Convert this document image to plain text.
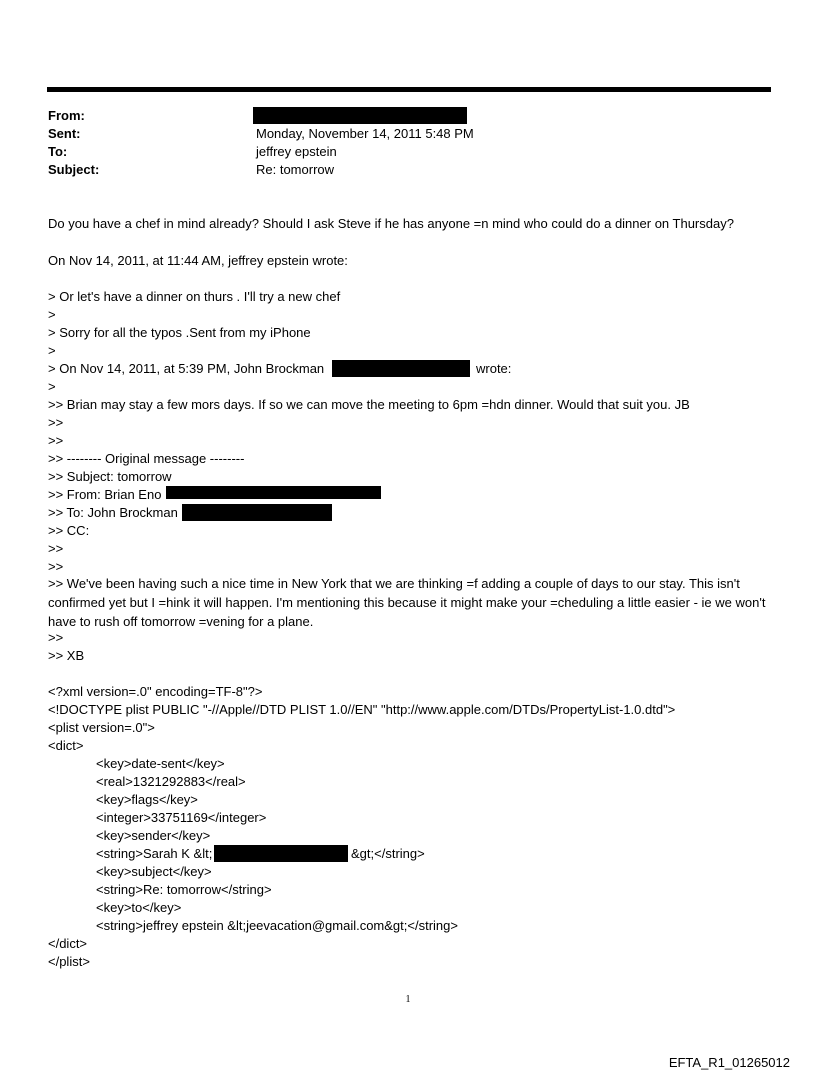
From:
Sent:	Monday, November 14, 2011 5:48 PM
To:	jeffrey epstein
Subject:	Re: tomorrow
Do you have a chef in mind already? Should I ask Steve if he has anyone =n mind who could do a dinner on Thursday?
On Nov 14, 2011, at 11:44 AM, jeffrey epstein wrote:
> Or let's have a dinner on thurs . I'll try a new chef
>
> Sorry for all the typos .Sent from my iPhone
>
> On Nov 14, 2011, at 5:39 PM, John Brockman	wrote:
>
>> Brian may stay a few mors days. If so we can move the meeting to 6pm =hdn dinner. Would that suit you. JB
>>
>>
>> -------- Original message --------
>> Subject: tomorrow
>> From: Brian Eno
>> To: John Brockman
>> CC:
>>
>>
>> We've been having such a nice time in New York that we are thinking =f adding a couple of days to our stay. This isn't confirmed yet but I =hink it will happen. I'm mentioning this because it might make your =cheduling a little easier - ie we won't have to rush off tomorrow =vening for a plane.
>>
>> XB
<?xml version=.0" encoding=TF-8"?>
<!DOCTYPE plist PUBLIC "-//Apple//DTD PLIST 1.0//EN" "http://www.apple.com/DTDs/PropertyList-1.0.dtd">
<plist version=.0">
<dict>
<key>date-sent</key>
<real>1321292883</real>
<key>flags</key>
<integer>33751169</integer>
<key>sender</key>
<string>Sarah K &lt;	&gt;</string>
<key>subject</key>
<string>Re: tomorrow</string>
<key>to</key>
<string>jeffrey epstein &lt;jeevacation@gmail.com&gt;</string>
</dict>
</plist>
1
EFTA_R1_01265012
